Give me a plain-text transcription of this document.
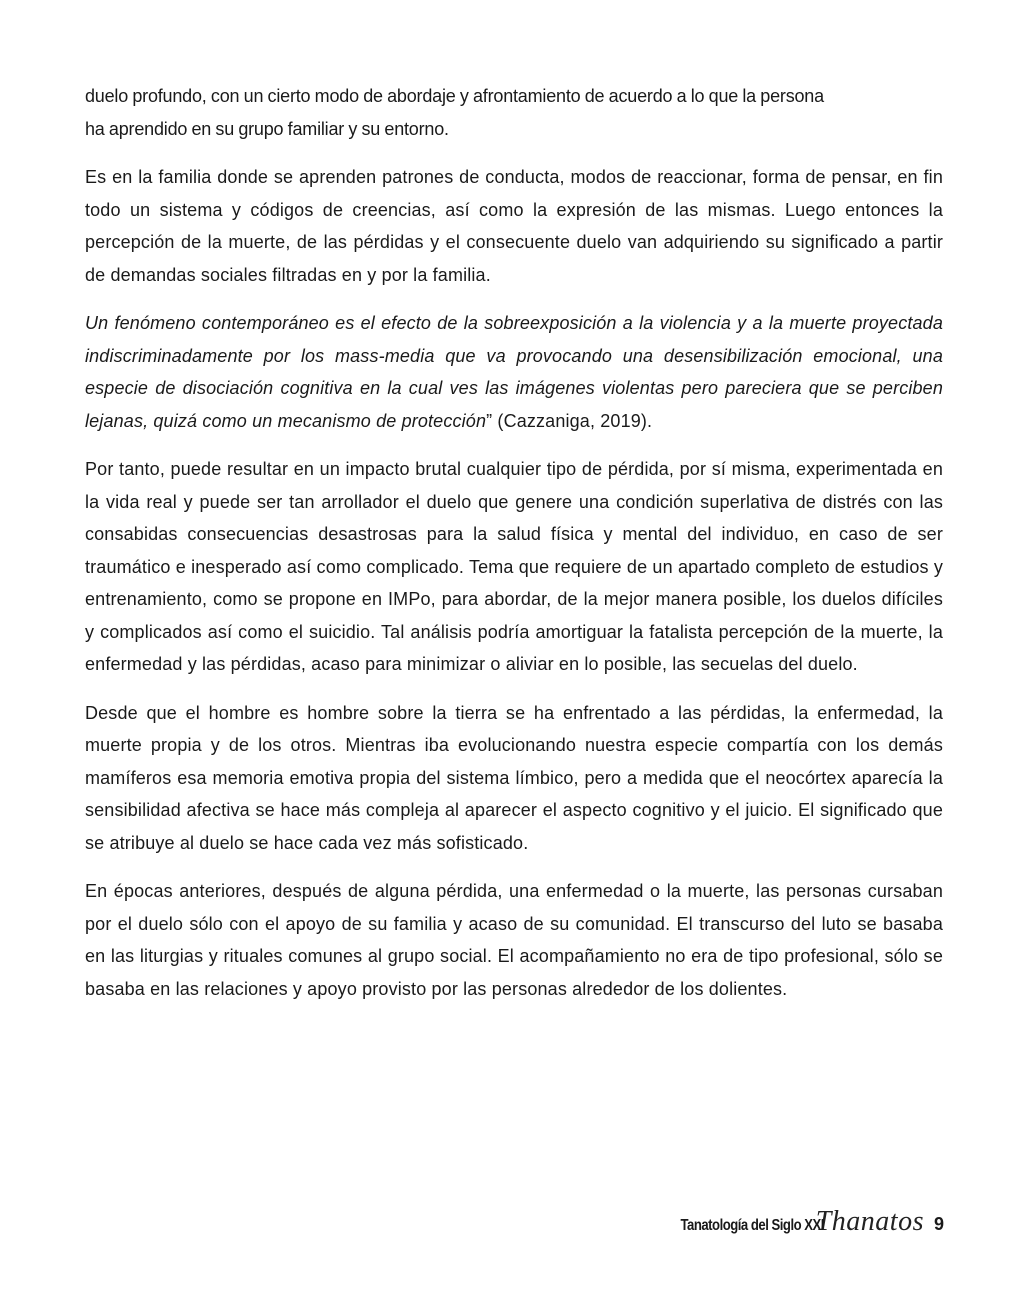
duelo profundo, con un cierto modo de abordaje y afrontamiento de acuerdo a lo que la persona
ha aprendido en su grupo familiar y su entorno.

Es en la familia donde se aprenden patrones de conducta, modos de reaccionar, forma de pensar, en fin todo un sistema y códigos de creencias, así como la expresión de las mismas. Luego entonces la percepción de la muerte, de las pérdidas y el consecuente duelo van adquiriendo su significado a partir de demandas sociales filtradas en y por la familia.

Un fenómeno contemporáneo es el efecto de la sobreexposición a la violencia y a la muerte proyectada indiscriminadamente por los mass-media que va provocando una desensibilización emocional, una especie de disociación cognitiva en la cual ves las imágenes violentas pero pareciera que se perciben lejanas, quizá como un mecanismo de protección” (Cazzaniga, 2019).

Por tanto, puede resultar en un impacto brutal cualquier tipo de pérdida, por sí misma, experimentada en la vida real y puede ser tan arrollador el duelo que genere una condición superlativa de distrés con las consabidas consecuencias desastrosas para la salud física y mental del individuo, en caso de ser traumático e inesperado así como complicado. Tema que requiere de un apartado completo de estudios y entrenamiento, como se propone en IMPo, para abordar, de la mejor manera posible, los duelos difíciles y complicados así como el suicidio. Tal análisis podría amortiguar la fatalista percepción de la muerte, la enfermedad y las pérdidas, acaso para minimizar o aliviar en lo posible, las secuelas del duelo.

Desde que el hombre es hombre sobre la tierra se ha enfrentado a las pérdidas, la enfermedad, la muerte propia y de los otros. Mientras iba evolucionando nuestra especie compartía con los demás mamíferos esa memoria emotiva propia del sistema límbico, pero a medida que el neocórtex aparecía la sensibilidad afectiva se hace más compleja al aparecer el aspecto cognitivo y el juicio. El significado que se atribuye al duelo se hace cada vez más sofisticado.

En épocas anteriores, después de alguna pérdida, una enfermedad o la muerte, las personas cursaban por el duelo sólo con el apoyo de su familia y acaso de su comunidad. El transcurso del luto se basaba en las liturgias y rituales comunes al grupo social. El acompañamiento no era de tipo profesional, sólo se basaba en las relaciones y apoyo provisto por las personas alrededor de los dolientes.

Tanatología del Siglo XXI
Thanatos 9
